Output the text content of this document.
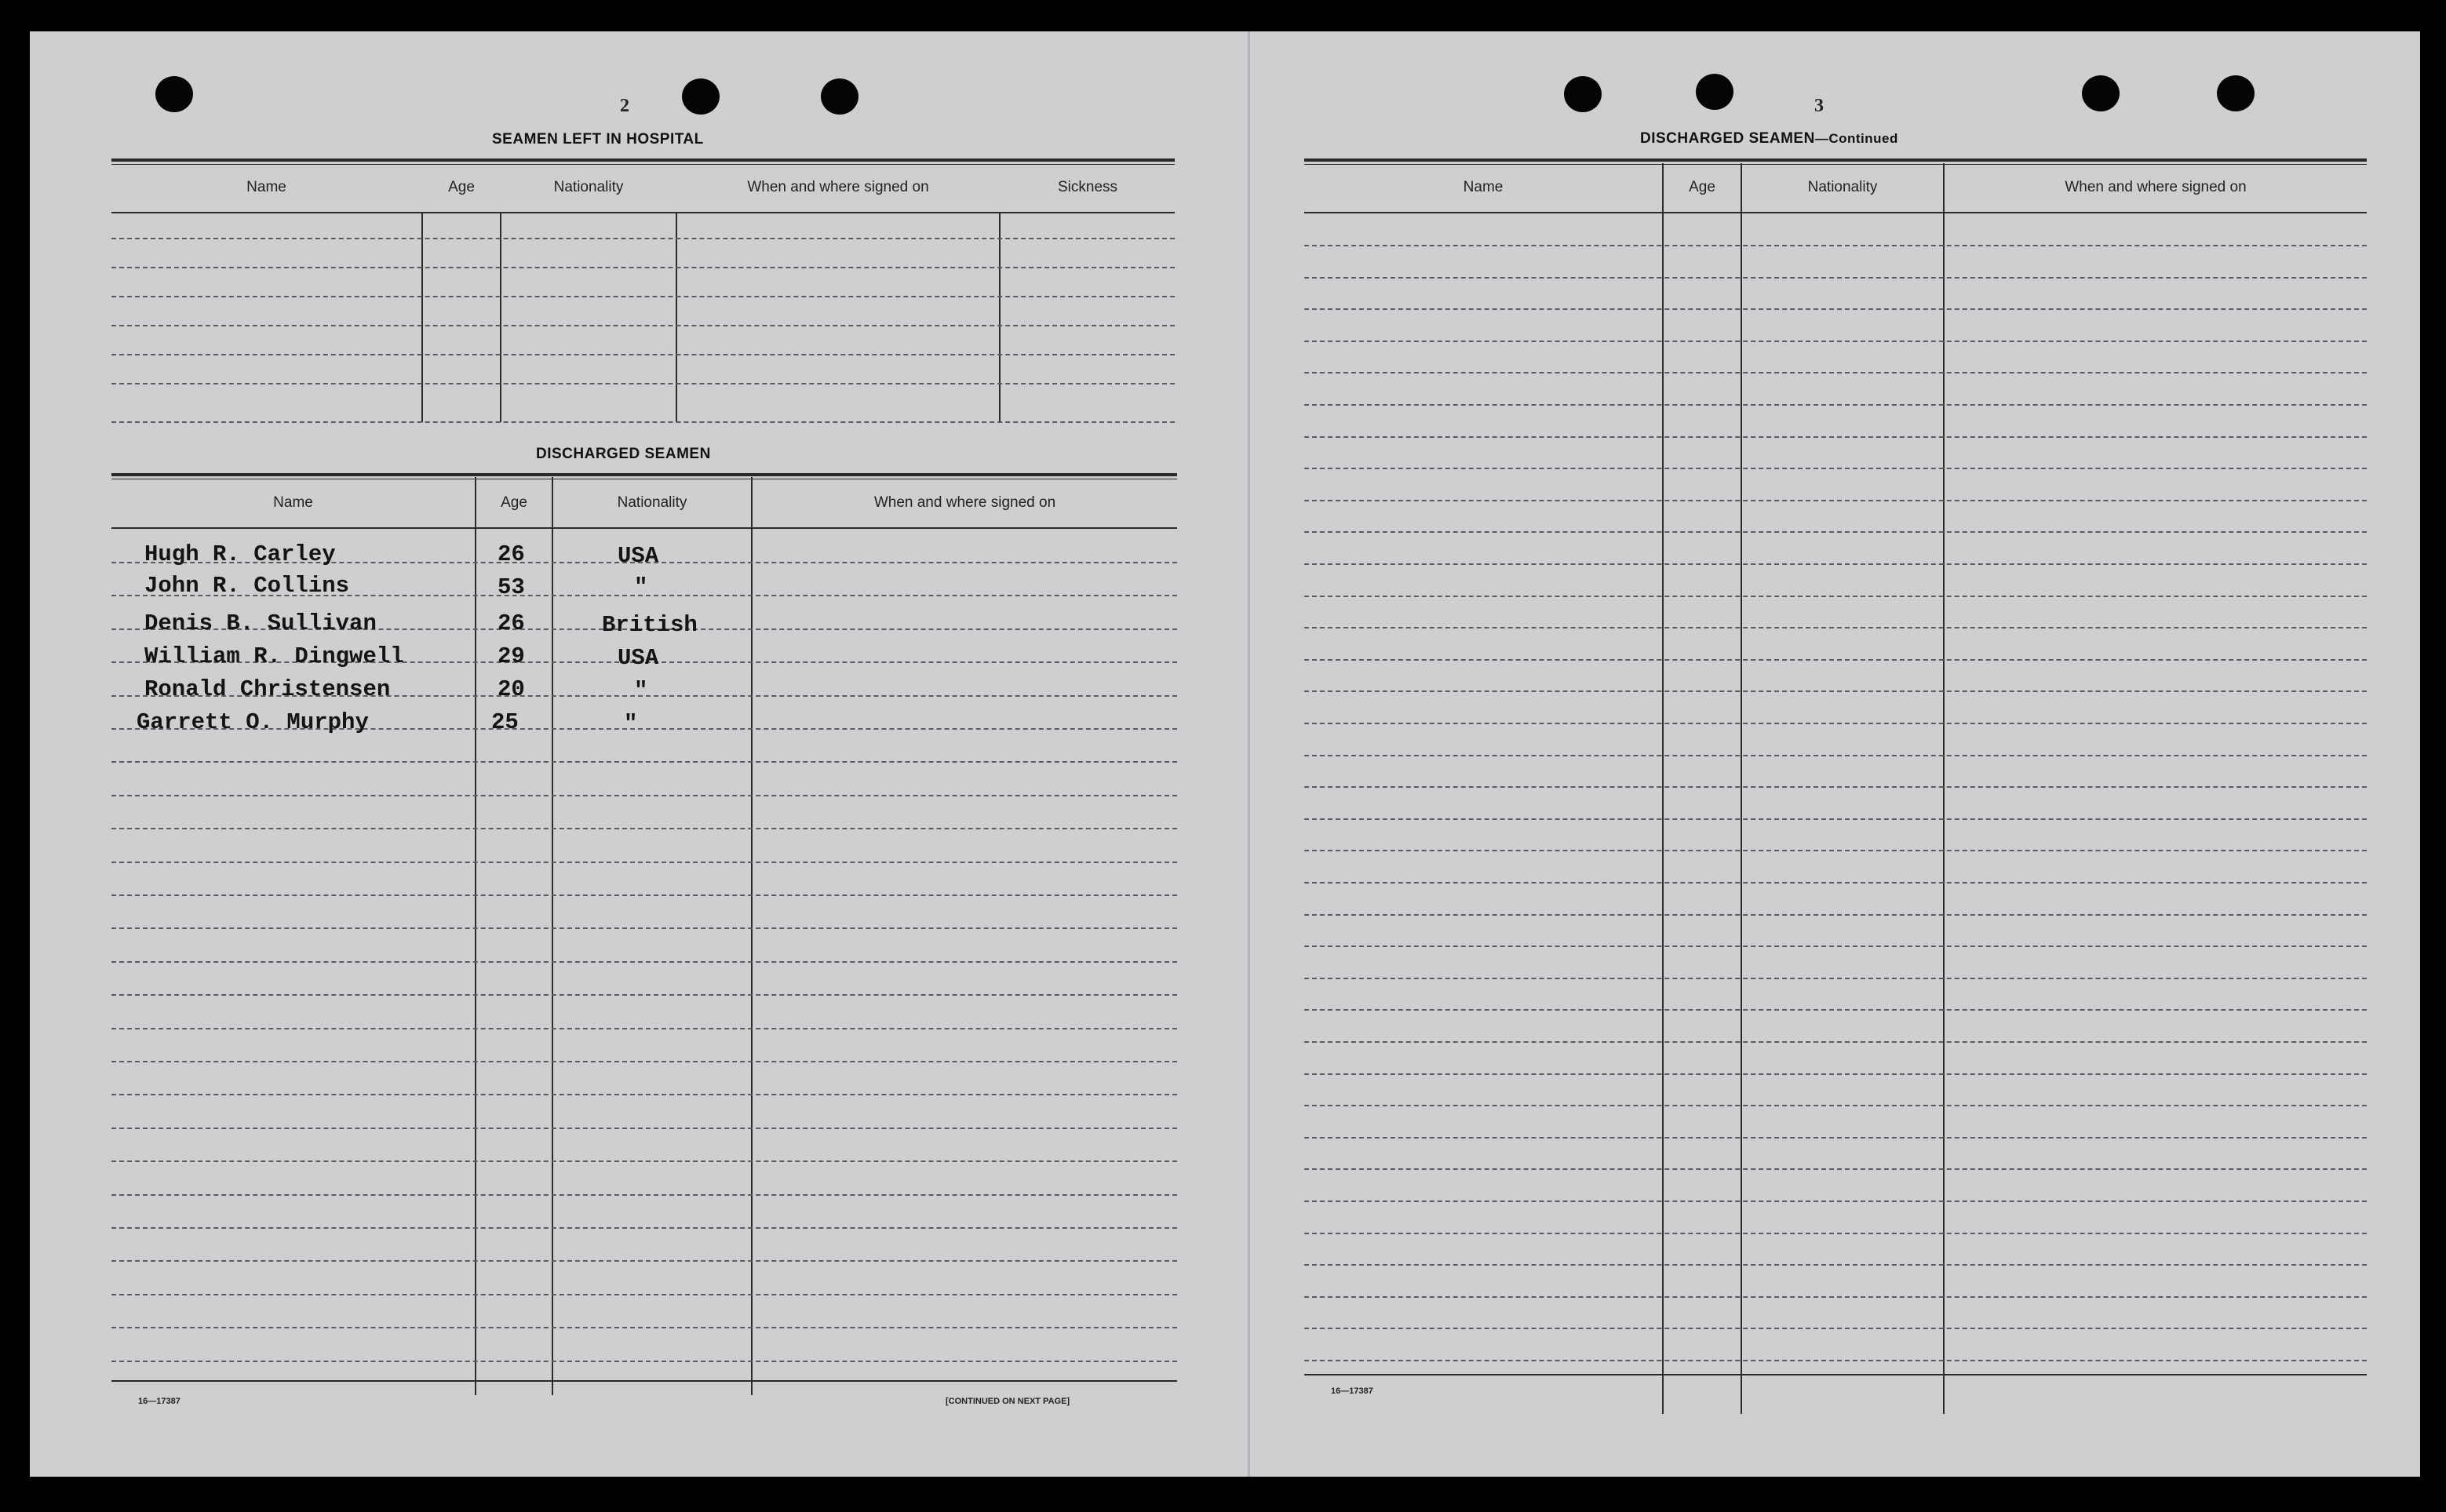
2
SEAMEN LEFT IN HOSPITAL
Name	Age	Nationality	When and where signed on	Sickness
DISCHARGED SEAMEN
Name	Age	Nationality	When and where signed on
Hugh R. Carley	26	USA
John R. Collins	53	"
Denis B. Sullivan	26	British
William R. Dingwell	29	USA
Ronald Christensen	20	"
Garrett O. Murphy	25	"
16—17387	[CONTINUED ON NEXT PAGE]
3
DISCHARGED SEAMEN—Continued
Name	Age	Nationality	When and where signed on
16—17387
